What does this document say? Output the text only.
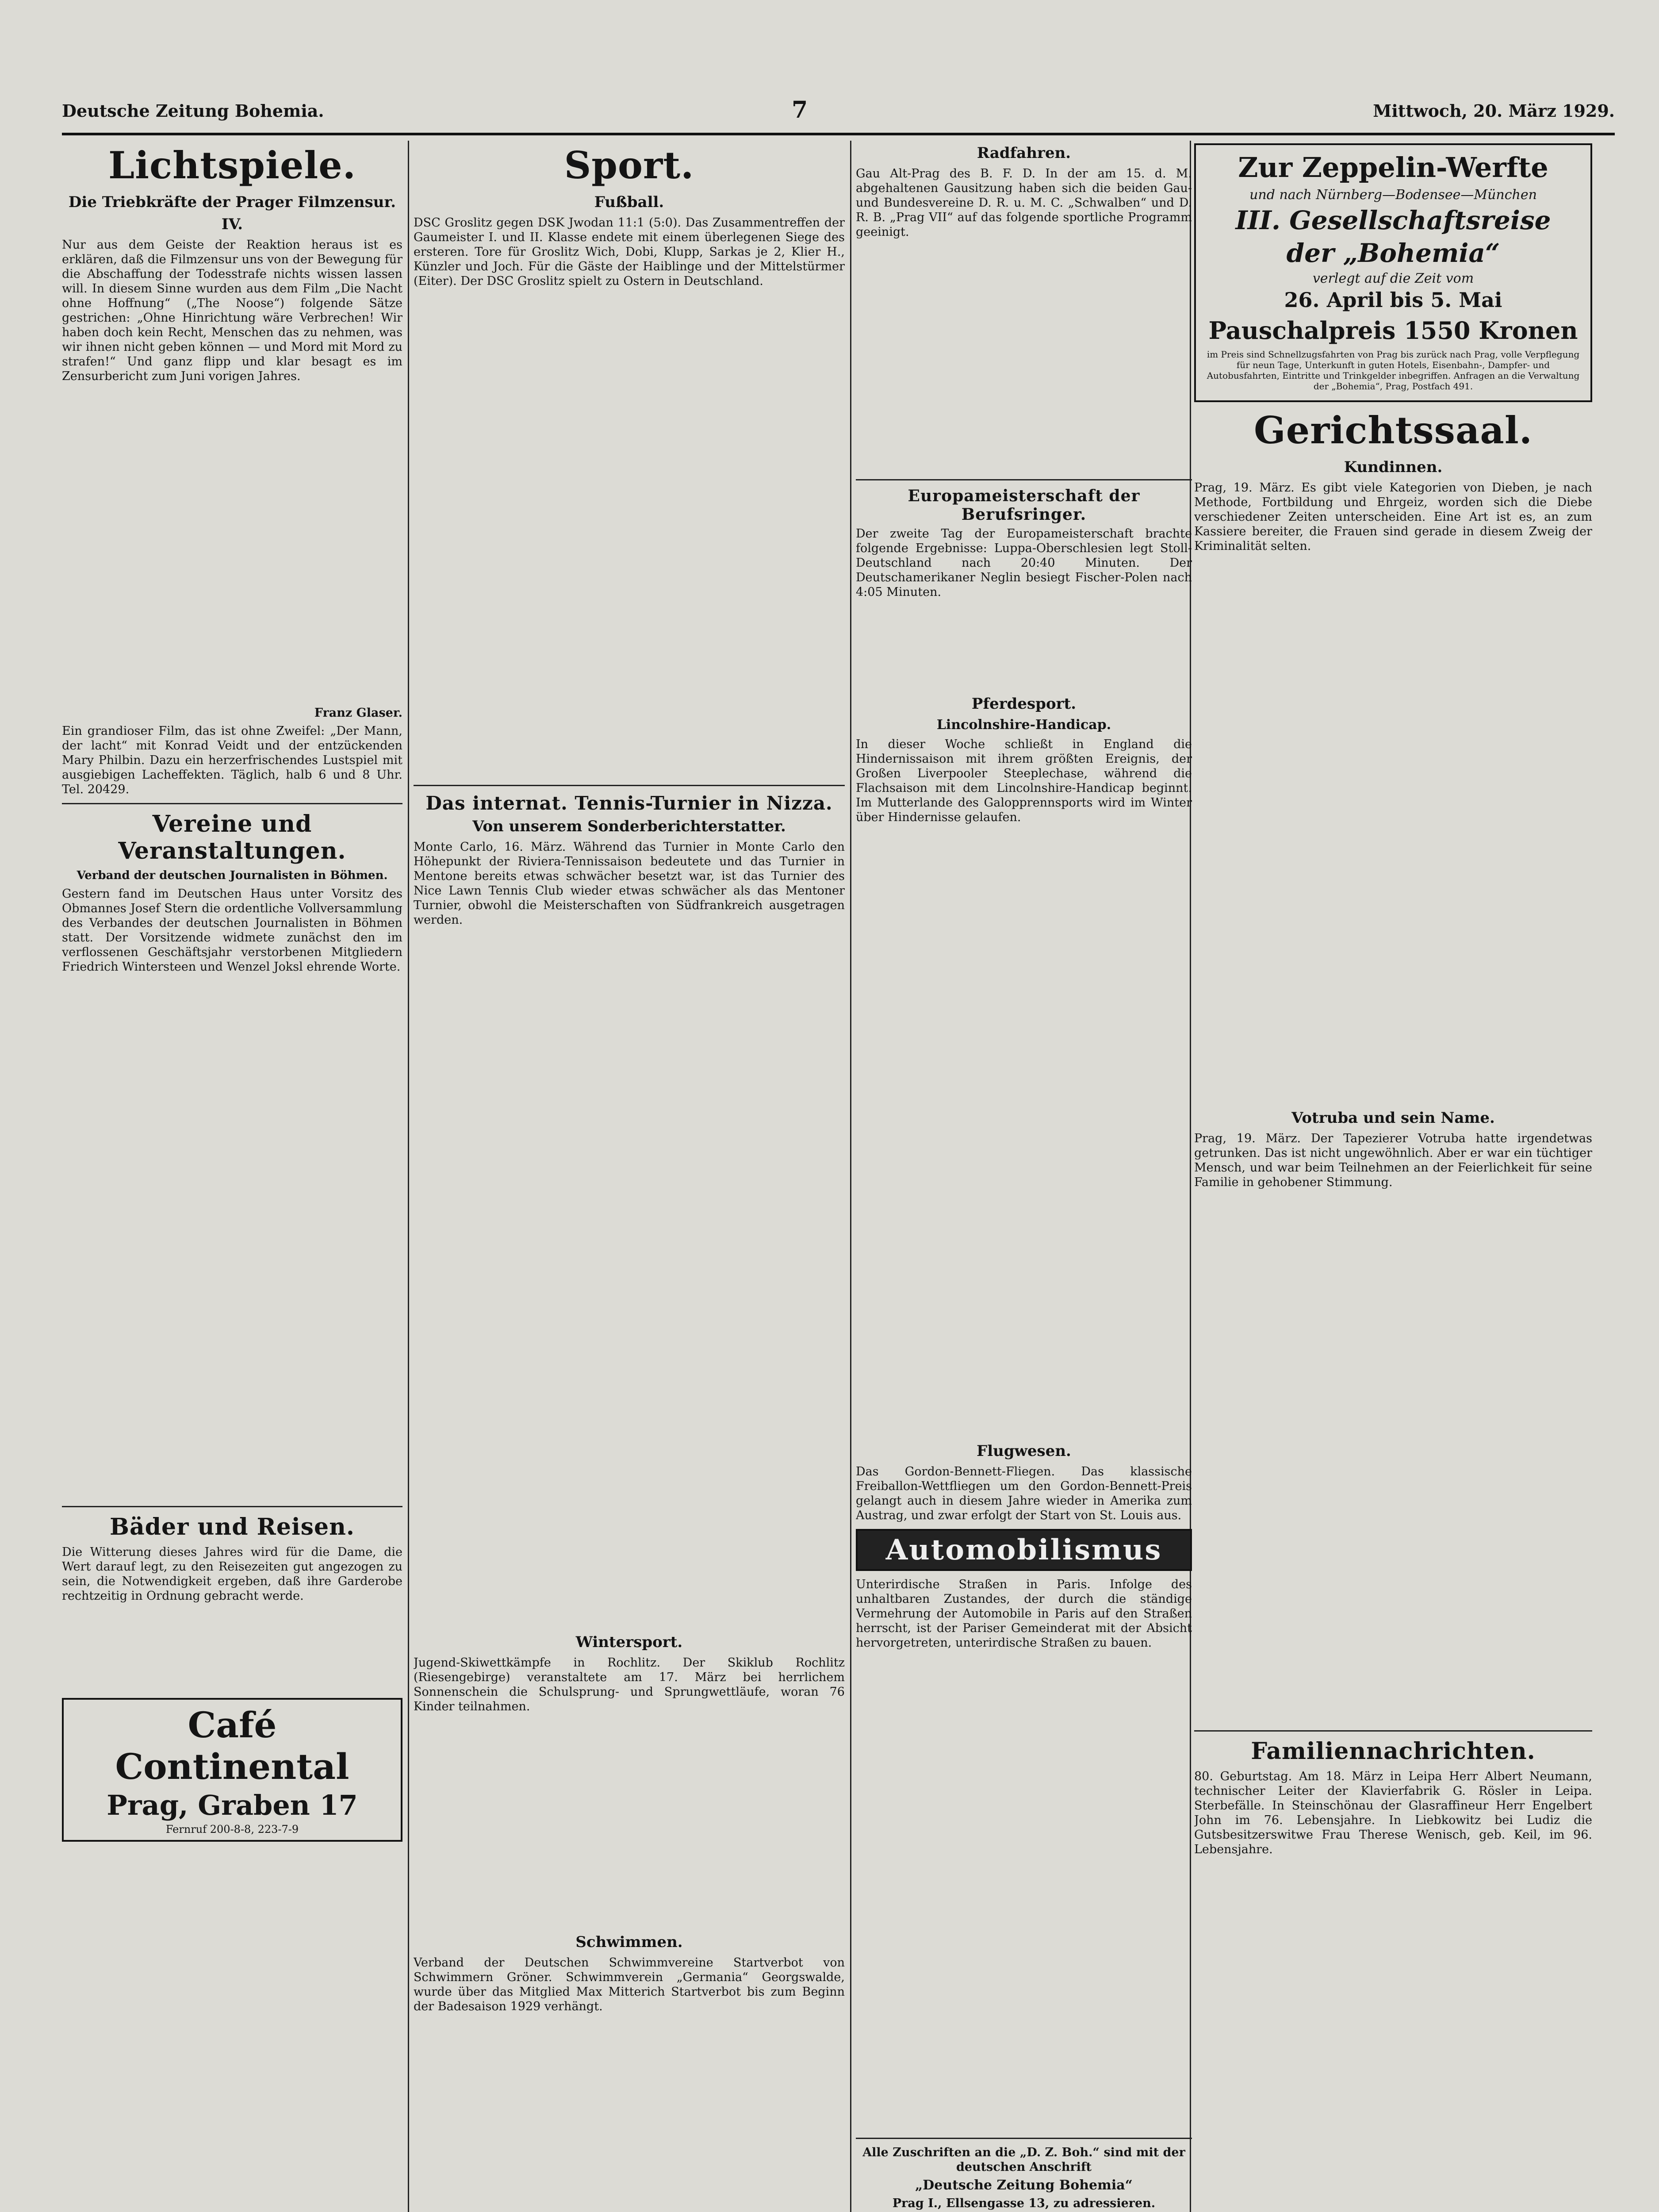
Deutsche Zeitung Bohemia.	7	Mittwoch, 20. März 1929.
Lichtspiele.
Die Triebkräfte der Prager Filmzensur.
IV.

Nur aus dem Geiste der Reaktion heraus ist es erklären, daß die Filmzensur uns von der Bewegung für die Abschaffung der Todesstrafe nichts wissen lassen will. In diesem Sinne wurden aus dem Film „Die Nacht ohne Hoffnung“ („The Noose“) folgende Sätze gestrichen: „Ohne Hinrichtung wäre Verbrechen! Wir haben doch kein Recht, Menschen das zu nehmen, was wir ihnen nicht geben können — und Mord mit Mord zu strafen!“ Und ganz flipp und klar besagt es im Zensurbericht zum Juni vorigen Jahres.

Franz Glaser.

Ein grandioser Film, das ist ohne Zweifel: „Der Mann, der lacht“ mit Konrad Veidt und der entzückenden Mary Philbin. Dazu ein herzerfrischendes Lustspiel mit ausgiebigen Lacheffekten. Täglich, halb 6 und 8 Uhr. Tel. 20429.

Vereine und Veranstaltungen.
Verband der deutschen Journalisten in Böhmen.

Gestern fand im Deutschen Haus unter Vorsitz des Obmannes Josef Stern die ordentliche Vollversammlung des Verbandes der deutschen Journalisten in Böhmen statt. Der Vorsitzende widmete zunächst den im verflossenen Geschäftsjahr verstorbenen Mitgliedern Friedrich Wintersteen und Wenzel Joksl ehrende Worte.

Bäder und Reisen.

Die Witterung dieses Jahres wird für die Dame, die Wert darauf legt, zu den Reisezeiten gut angezogen zu sein, die Notwendigkeit ergeben, daß ihre Garderobe rechtzeitig in Ordnung gebracht werde.

Café Continental
Prag, Graben 17
Fernruf 200-8-8, 223-7-9
Sport.
Fußball.

DSC Groslitz gegen DSK Jwodan 11:1 (5:0). Das Zusammentreffen der Gaumeister I. und II. Klasse endete mit einem überlegenen Siege des ersteren. Tore für Groslitz Wich, Dobi, Klupp, Sarkas je 2, Klier H., Künzler und Joch. Für die Gäste der Haiblinge und der Mittelstürmer (Eiter). Der DSC Groslitz spielt zu Ostern in Deutschland.

Das internat. Tennis-Turnier in Nizza.
Von unserem Sonderberichterstatter.

Monte Carlo, 16. März. Während das Turnier in Monte Carlo den Höhepunkt der Riviera-Tennissaison bedeutete und das Turnier in Mentone bereits etwas schwächer besetzt war, ist das Turnier des Nice Lawn Tennis Club wieder etwas schwächer als das Mentoner Turnier, obwohl die Meisterschaften von Südfrankreich ausgetragen werden.

Wintersport.

Jugend-Skiwettkämpfe in Rochlitz. Der Skiklub Rochlitz (Riesengebirge) veranstaltete am 17. März bei herrlichem Sonnenschein die Schulsprung- und Sprungwettläufe, woran 76 Kinder teilnahmen.

Schwimmen.

Verband der Deutschen Schwimmvereine Startverbot von Schwimmern Gröner. Schwimmverein „Germania“ Georgswalde, wurde über das Mitglied Max Mitterich Startverbot bis zum Beginn der Badesaison 1929 verhängt.

Radfahren.

Gau Alt-Prag des B. F. D. In der am 15. d. M. abgehaltenen Gausitzung haben sich die beiden Gau- und Bundesvereine D. R. u. M. C. „Schwalben“ und D. R. B. „Prag VII“ auf das folgende sportliche Programm geeinigt.

Europameisterschaft der Berufsringer.

Der zweite Tag der Europameisterschaft brachte folgende Ergebnisse: Luppa-Oberschlesien legt Stoll-Deutschland nach 20:40 Minuten. Der Deutschamerikaner Neglin besiegt Fischer-Polen nach 4:05 Minuten.

Pferdesport.
Lincolnshire-Handicap.

In dieser Woche schließt in England die Hindernissaison mit ihrem größten Ereignis, der Großen Liverpooler Steeplechase, während die Flachsaison mit dem Lincolnshire-Handicap beginnt. Im Mutterlande des Galopprennsports wird im Winter über Hindernisse gelaufen.

Flugwesen.

Das Gordon-Bennett-Fliegen. Das klassische Freiballon-Wettfliegen um den Gordon-Bennett-Preis gelangt auch in diesem Jahre wieder in Amerika zum Austrag, und zwar erfolgt der Start von St. Louis aus.

Automobilismus

Unterirdische Straßen in Paris. Infolge des unhaltbaren Zustandes, der durch die ständige Vermehrung der Automobile in Paris auf den Straßen herrscht, ist der Pariser Gemeinderat mit der Absicht hervorgetreten, unterirdische Straßen zu bauen.

Alle Zuschriften an die „D. Z. Boh.“ sind mit der deutschen Anschrift

„Deutsche Zeitung Bohemia“

Prag I., Ellsengasse 13, zu adressieren.

Zur Zeppelin-Werfte
und nach Nürnberg—Bodensee—München
III. Gesellschaftsreise
der „Bohemia“
verlegt auf die Zeit vom
26. April bis 5. Mai
Pauschalpreis 1550 Kronen
im Preis sind Schnellzugsfahrten von Prag bis zurück nach Prag, volle Verpflegung für neun Tage, Unterkunft in guten Hotels, Eisenbahn-, Dampfer- und Autobusfahrten, Eintritte und Trinkgelder inbegriffen. Anfragen an die Verwaltung der „Bohemia“, Prag, Postfach 491.
Gerichtssaal.
Kundinnen.

Prag, 19. März. Es gibt viele Kategorien von Dieben, je nach Methode, Fortbildung und Ehrgeiz, worden sich die Diebe verschiedener Zeiten unterscheiden. Eine Art ist es, an zum Kassiere bereiter, die Frauen sind gerade in diesem Zweig der Kriminalität selten.

Votruba und sein Name.

Prag, 19. März. Der Tapezierer Votruba hatte irgendetwas getrunken. Das ist nicht ungewöhnlich. Aber er war ein tüchtiger Mensch, und war beim Teilnehmen an der Feierlichkeit für seine Familie in gehobener Stimmung.

Familiennachrichten.

80. Geburtstag. Am 18. März in Leipa Herr Albert Neumann, technischer Leiter der Klavierfabrik G. Rösler in Leipa. Sterbefälle. In Steinschönau der Glasraffineur Herr Engelbert John im 76. Lebensjahre. In Liebkowitz bei Ludiz die Gutsbesitzerswitwe Frau Therese Wenisch, geb. Keil, im 96. Lebensjahre.
